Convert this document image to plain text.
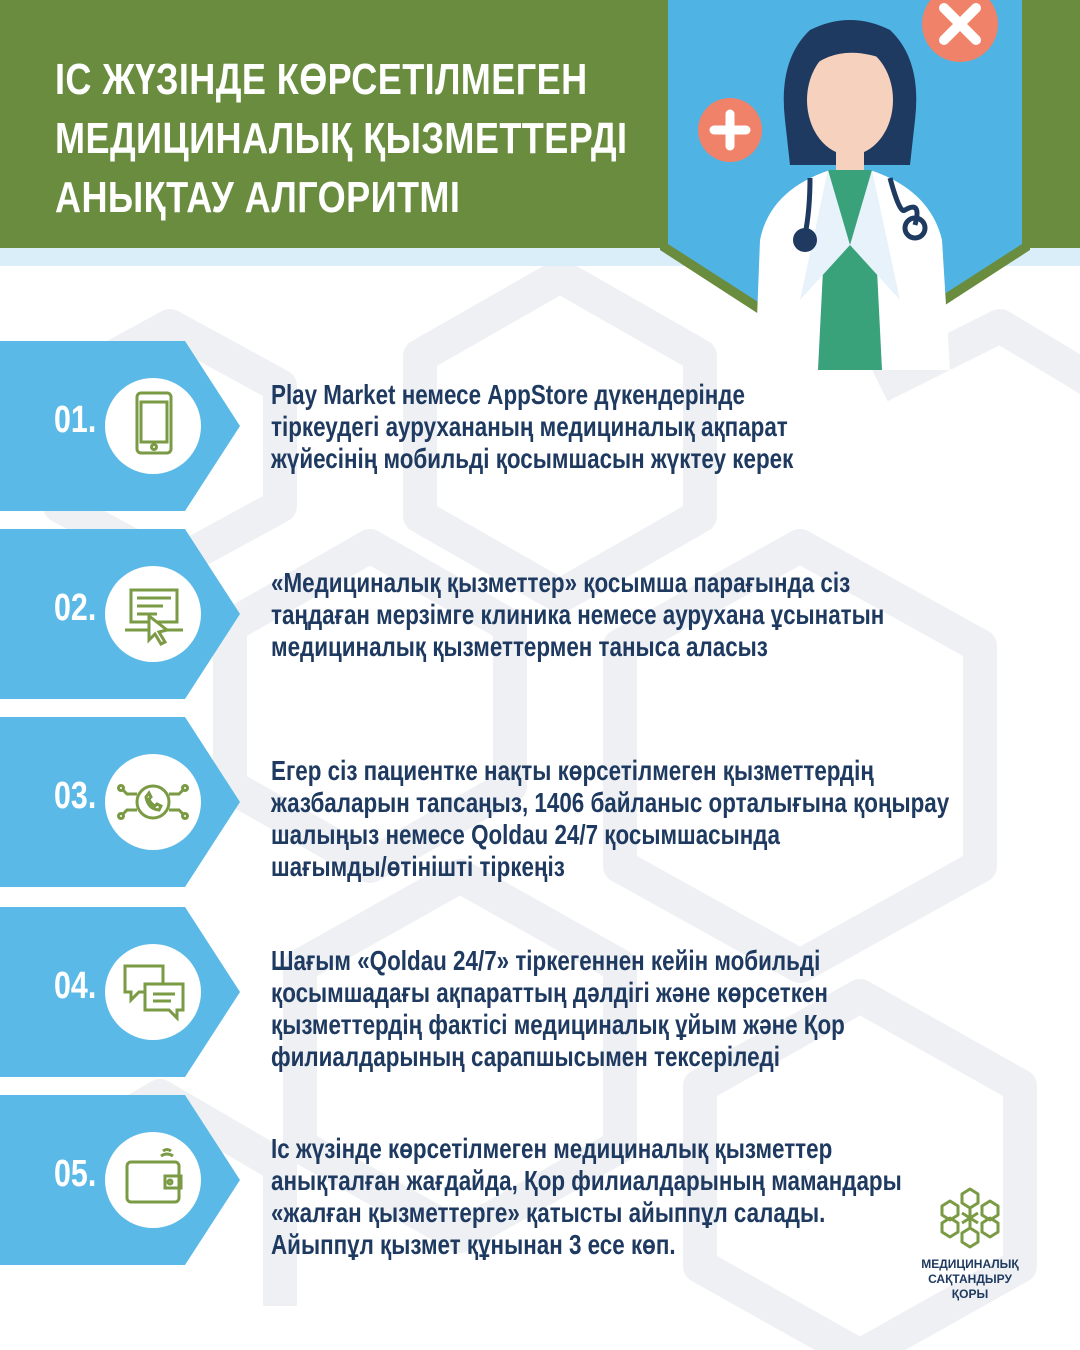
ІС ЖҮЗІНДЕ КӨРСЕТІЛМЕГЕН
МЕДИЦИНАЛЫҚ ҚЫЗМЕТТЕРДІ
АНЫҚТАУ АЛГОРИТМІ
01.
Play Market немесе AppStore дүкендерінде
тіркеудегі аурухананың медициналық ақпарат
жүйесінің мобильді қосымшасын жүктеу керек
02.
«Медициналық қызметтер» қосымша парағында сіз
таңдаған мерзімге клиника немесе аурухана ұсынатын
медициналық қызметтермен таныса аласыз
03.
Егер сіз пациентке нақты көрсетілмеген қызметтердің
жазбаларын тапсаңыз, 1406 байланыс орталығына қоңырау
шалыңыз немесе Qoldau 24/7 қосымшасында
шағымды/өтінішті тіркеңіз
04.
Шағым «Qoldau 24/7» тіркегеннен кейін мобильді
қосымшадағы ақпараттың дәлдігі және көрсеткен
қызметтердің фактісі медициналық ұйым және Қор
филиалдарының сарапшысымен тексеріледі
05.
Іс жүзінде көрсетілмеген медициналық қызметтер
анықталған жағдайда, Қор филиалдарының мамандары
«жалған қызметтерге» қатысты айыппұл салады.
Айыппұл қызмет құнынан 3 есе көп.
МЕДИЦИНАЛЫҚ
САҚТАНДЫРУ
ҚОРЫ
